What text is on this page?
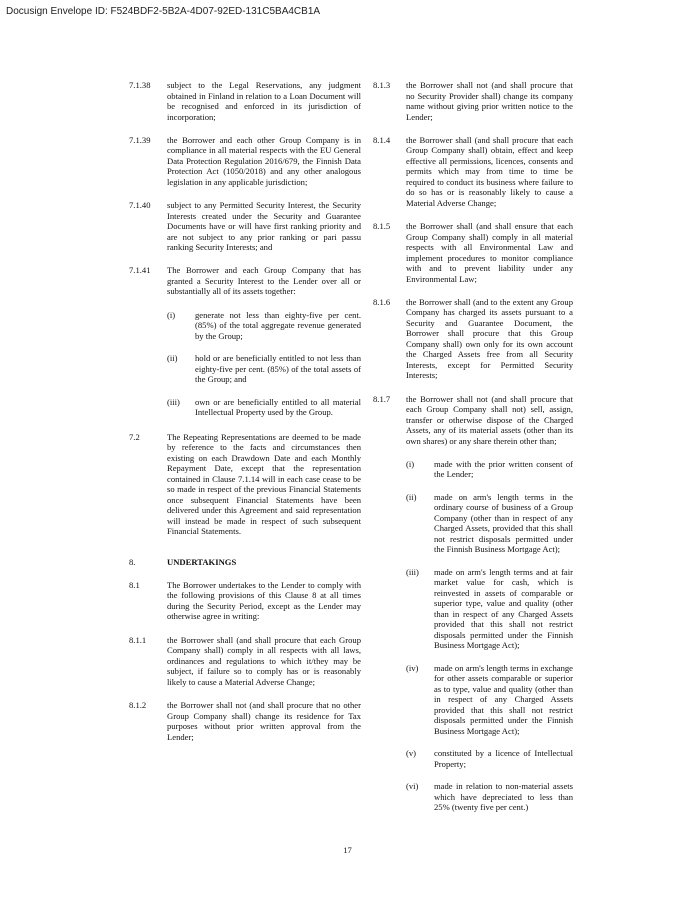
Docusign Envelope ID: F524BDF2-5B2A-4D07-92ED-131C5BA4CB1A
7.1.38	subject to the Legal Reservations, any judgment obtained in Finland in relation to a Loan Document will be recognised and enforced in its jurisdiction of incorporation;
7.1.39	the Borrower and each other Group Company is in compliance in all material respects with the EU General Data Protection Regulation 2016/679, the Finnish Data Protection Act (1050/2018) and any other analogous legislation in any applicable jurisdiction;
7.1.40	subject to any Permitted Security Interest, the Security Interests created under the Security and Guarantee Documents have or will have first ranking priority and are not subject to any prior ranking or pari passu ranking Security Interests; and
7.1.41	The Borrower and each Group Company that has granted a Security Interest to the Lender over all or substantially all of its assets together:
(i)	generate not less than eighty-five per cent. (85%) of the total aggregate revenue generated by the Group;
(ii)	hold or are beneficially entitled to not less than eighty-five per cent. (85%) of the total assets of the Group; and
(iii)	own or are beneficially entitled to all material Intellectual Property used by the Group.
7.2	The Repeating Representations are deemed to be made by reference to the facts and circumstances then existing on each Drawdown Date and each Monthly Repayment Date, except that the representation contained in Clause 7.1.14 will in each case cease to be so made in respect of the previous Financial Statements once subsequent Financial Statements have been delivered under this Agreement and said representation will instead be made in respect of such subsequent Financial Statements.
8.	UNDERTAKINGS
8.1	The Borrower undertakes to the Lender to comply with the following provisions of this Clause 8 at all times during the Security Period, except as the Lender may otherwise agree in writing:
8.1.1	the Borrower shall (and shall procure that each Group Company shall) comply in all respects with all laws, ordinances and regulations to which it/they may be subject, if failure so to comply has or is reasonably likely to cause a Material Adverse Change;
8.1.2	the Borrower shall not (and shall procure that no other Group Company shall) change its residence for Tax purposes without prior written approval from the Lender;
8.1.3	the Borrower shall not (and shall procure that no Security Provider shall) change its company name without giving prior written notice to the Lender;
8.1.4	the Borrower shall (and shall procure that each Group Company shall) obtain, effect and keep effective all permissions, licences, consents and permits which may from time to time be required to conduct its business where failure to do so has or is reasonably likely to cause a Material Adverse Change;
8.1.5	the Borrower shall (and shall ensure that each Group Company shall) comply in all material respects with all Environmental Law and implement procedures to monitor compliance with and to prevent liability under any Environmental Law;
8.1.6	the Borrower shall (and to the extent any Group Company has charged its assets pursuant to a Security and Guarantee Document, the Borrower shall procure that this Group Company shall) own only for its own account the Charged Assets free from all Security Interests, except for Permitted Security Interests;
8.1.7	the Borrower shall not (and shall procure that each Group Company shall not) sell, assign, transfer or otherwise dispose of the Charged Assets, any of its material assets (other than its own shares) or any share therein other than;
(i)	made with the prior written consent of the Lender;
(ii)	made on arm's length terms in the ordinary course of business of a Group Company (other than in respect of any Charged Assets, provided that this shall not restrict disposals permitted under the Finnish Business Mortgage Act);
(iii)	made on arm's length terms and at fair market value for cash, which is reinvested in assets of comparable or superior type, value and quality (other than in respect of any Charged Assets provided that this shall not restrict disposals permitted under the Finnish Business Mortgage Act);
(iv)	made on arm's length terms in exchange for other assets comparable or superior as to type, value and quality (other than in respect of any Charged Assets provided that this shall not restrict disposals permitted under the Finnish Business Mortgage Act);
(v)	constituted by a licence of Intellectual Property;
(vi)	made in relation to non-material assets which have depreciated to less than 25% (twenty five per cent.)
17
